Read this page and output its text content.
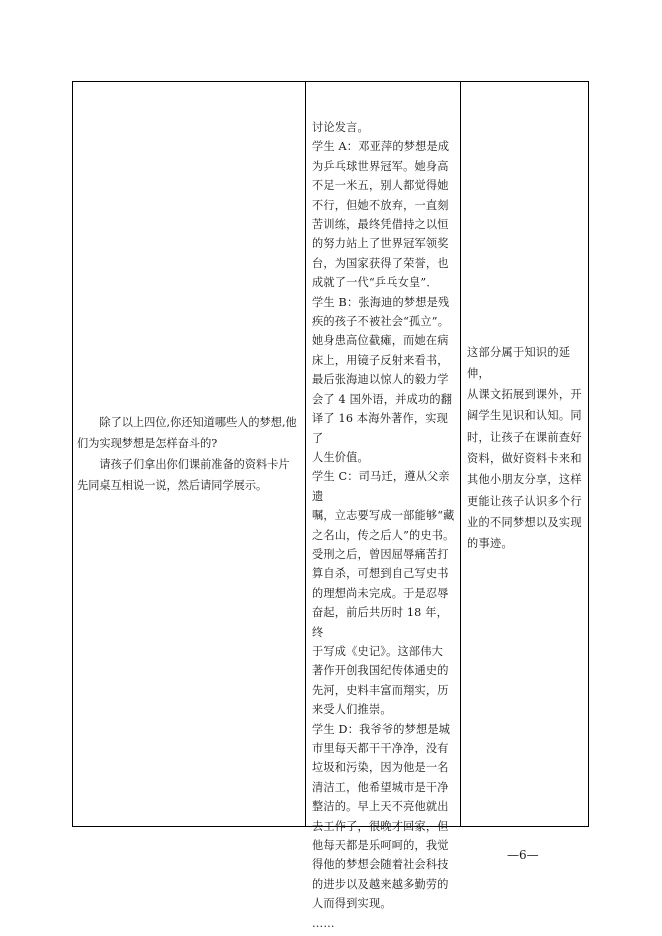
除了以上四位,你还知道哪些人的梦想,他们为实现梦想是怎样奋斗的?

请孩子们拿出你们课前准备的资料卡片先同桌互相说一说，然后请同学展示。

讨论发言。
学生 A：邓亚萍的梦想是成
为乒乓球世界冠军。她身高
不足一米五，别人都觉得她
不行，但她不放弃，一直刻
苦训练，最终凭借持之以恒
的努力站上了世界冠军领奖
台，为国家获得了荣誉，也
成就了一代“乒乓女皇”．
学生 B：张海迪的梦想是残
疾的孩子不被社会“孤立”。
她身患高位截瘫，而她在病
床上，用镜子反射来看书，
最后张海迪以惊人的毅力学
会了 4 国外语，并成功的翻
译了 16 本海外著作，实现了
人生价值。
学生 C：司马迁，遵从父亲遗
嘱，立志要写成一部能够“藏
之名山，传之后人”的史书。
受刑之后，曾因屈辱痛苦打
算自杀，可想到自己写史书
的理想尚未完成。于是忍辱
奋起，前后共历时 18 年，终
于写成《史记》。这部伟大
著作开创我国纪传体通史的
先河，史料丰富而翔实，历
来受人们推崇。
学生 D：我爷爷的梦想是城
市里每天都干干净净，没有
垃圾和污染，因为他是一名
清洁工，他希望城市是干净
整洁的。早上天不亮他就出
去工作了，很晚才回家，但
他每天都是乐呵呵的，我觉
得他的梦想会随着社会科技
的进步以及越来越多勤劳的
人而得到实现。
……

这部分属于知识的延伸，
从课文拓展到课外，开
阔学生见识和认知。同
时，让孩子在课前查好
资料，做好资料卡来和
其他小朋友分享，这样
更能让孩子认识多个行
业的不同梦想以及实现
的事迹。

—6—
